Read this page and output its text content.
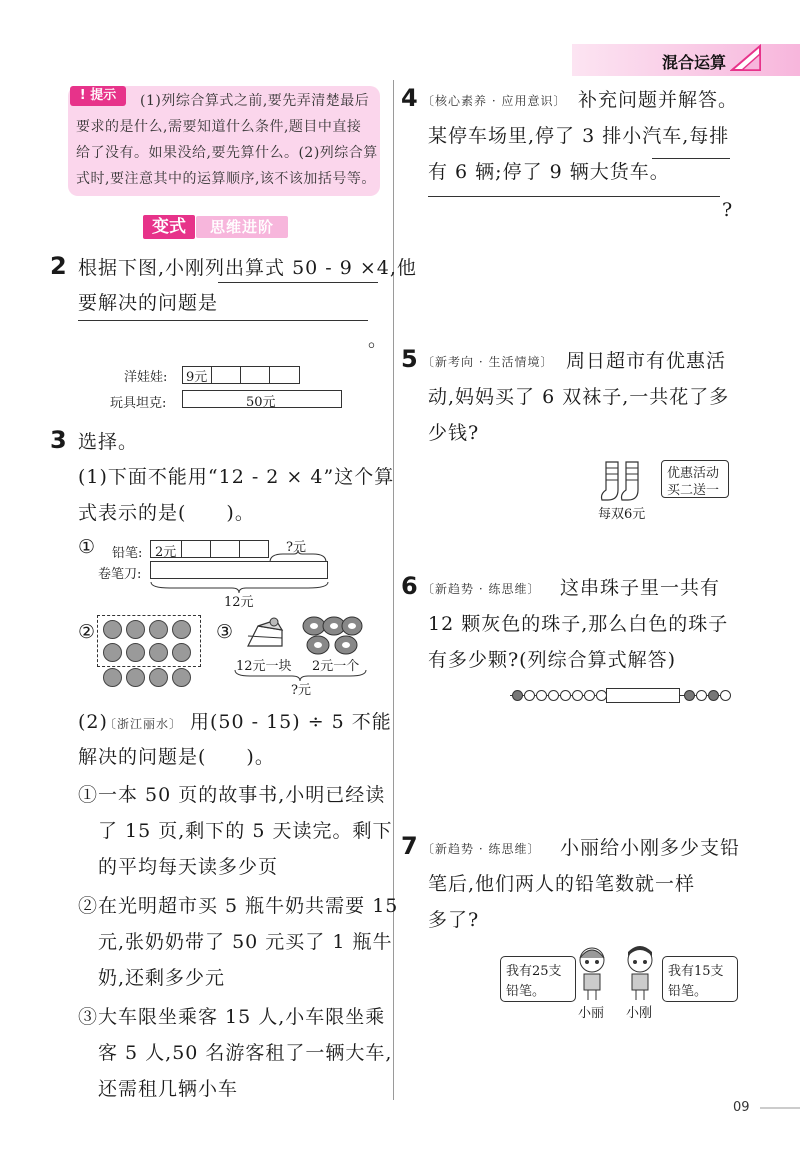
混合运算
! 提示	(1)列综合算式之前,要先弄清楚最后
要求的是什么,需要知道什么条件,题目中直接
给了没有。如果没给,要先算什么。(2)列综合算
式时,要注意其中的运算顺序,该不该加括号等。
变式	思维进阶
2 根据下图,小刚列出算式 50 - 9 ×4,他
要解决的问题是
。
洋娃娃: 9元
玩具坦克:	50元
3 选择。
(1)下面不能用“12 - 2 × 4”这个算
式表示的是(　　)。
① 铅笔: 2元	?元
卷笔刀:
12元
②	③
12元一块 2元一个
?元
(2)
〔浙江丽水〕 用(50 - 15) ÷ 5 不能
解决的问题是(　　)。
①一本 50 页的故事书,小明已经读
了 15 页,剩下的 5 天读完。剩下
的平均每天读多少页
②在光明超市买 5 瓶牛奶共需要 15
元,张奶奶带了 50 元买了 1 瓶牛
奶,还剩多少元
③大车限坐乘客 15 人,小车限坐乘
客 5 人,50 名游客租了一辆大车,
还需租几辆小车
4 〔核心素养 · 应用意识〕 补充问题并解答。
某停车场里,停了 3 排小汽车,每排
有 6 辆;停了 9 辆大货车。
?
5 〔新考向 · 生活情境〕 周日超市有优惠活
动,妈妈买了 6 双袜子,一共花了多
少钱?
每双6元
优惠活动
买二送一
6 〔新趋势 · 练思维〕 这串珠子里一共有
12 颗灰色的珠子,那么白色的珠子
有多少颗?(列综合算式解答)
7 〔新趋势 · 练思维〕 小丽给小刚多少支铅
笔后,他们两人的铅笔数就一样
多了?
我有25支
铅笔。
小丽 小刚
我有15支
铅笔。
09
